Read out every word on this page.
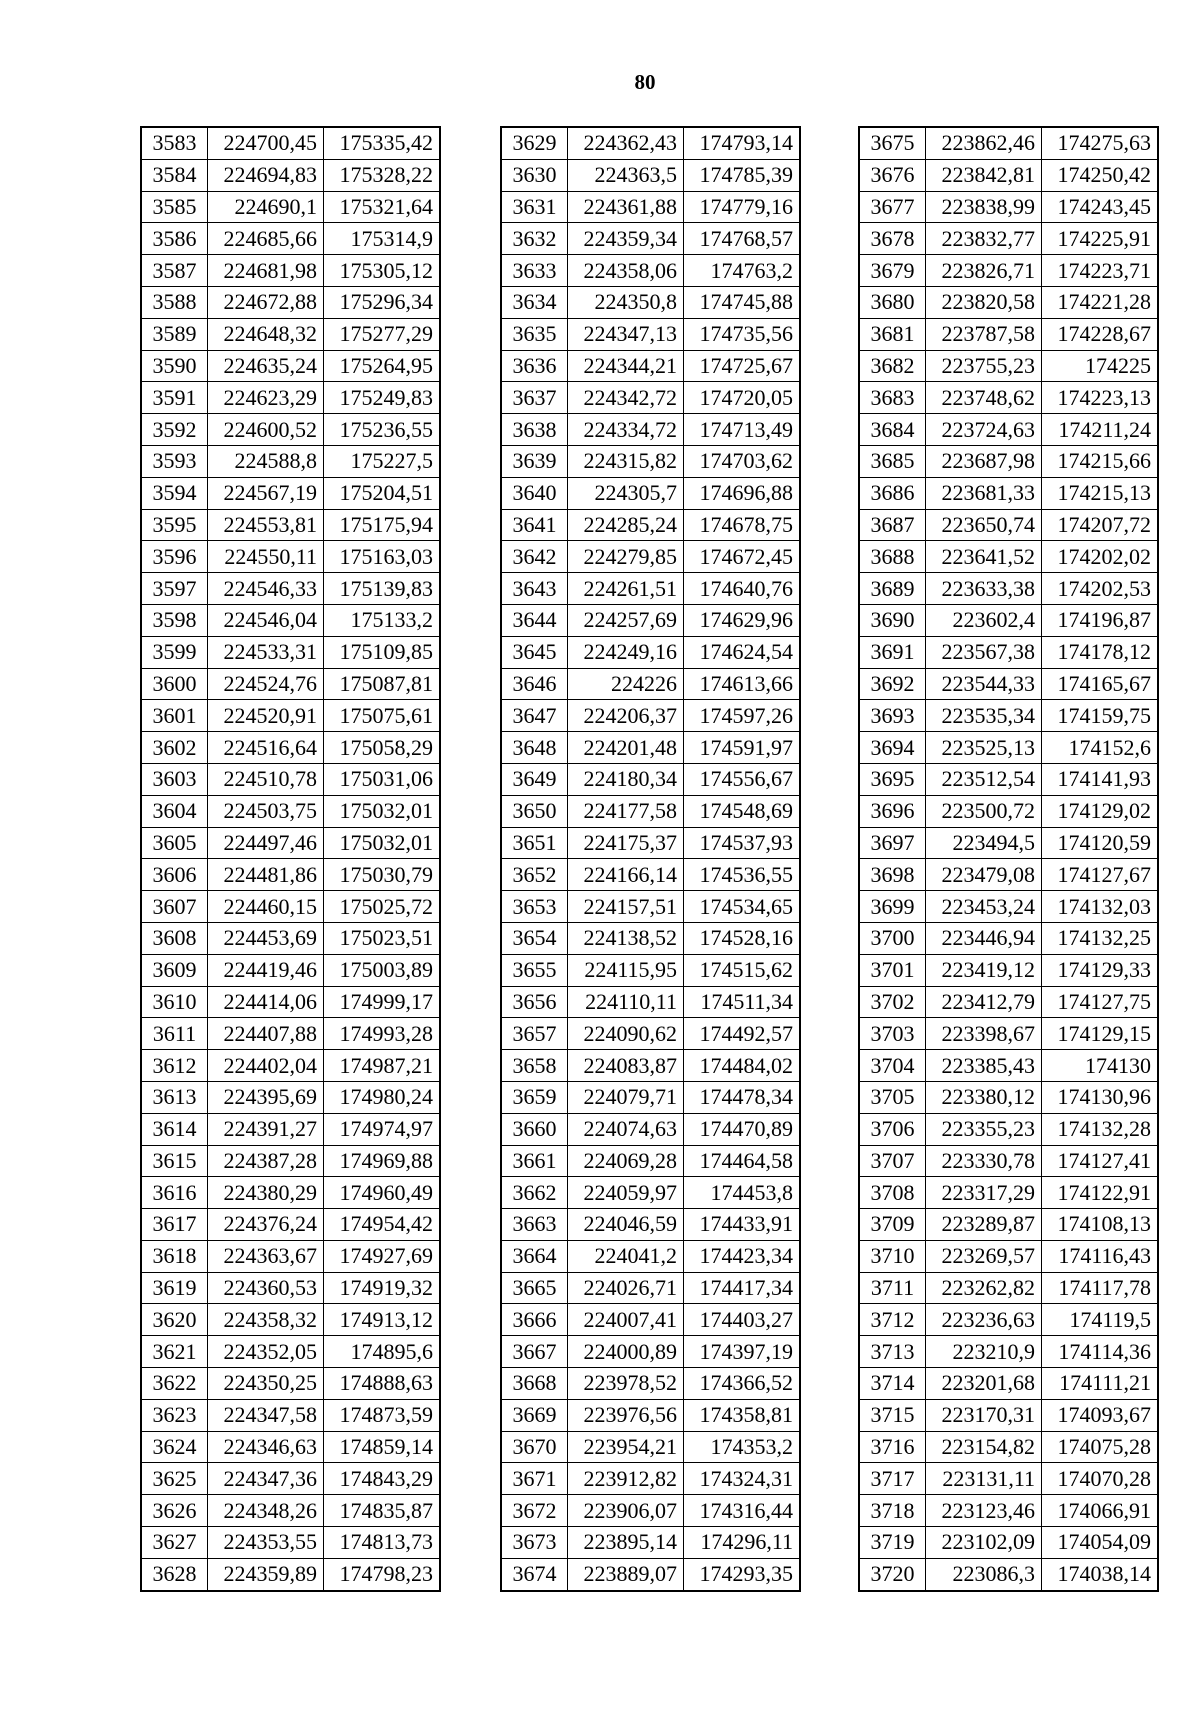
80
3583	224700,45	175335,42
3584	224694,83	175328,22
3585	224690,1	175321,64
3586	224685,66	175314,9
3587	224681,98	175305,12
3588	224672,88	175296,34
3589	224648,32	175277,29
3590	224635,24	175264,95
3591	224623,29	175249,83
3592	224600,52	175236,55
3593	224588,8	175227,5
3594	224567,19	175204,51
3595	224553,81	175175,94
3596	224550,11	175163,03
3597	224546,33	175139,83
3598	224546,04	175133,2
3599	224533,31	175109,85
3600	224524,76	175087,81
3601	224520,91	175075,61
3602	224516,64	175058,29
3603	224510,78	175031,06
3604	224503,75	175032,01
3605	224497,46	175032,01
3606	224481,86	175030,79
3607	224460,15	175025,72
3608	224453,69	175023,51
3609	224419,46	175003,89
3610	224414,06	174999,17
3611	224407,88	174993,28
3612	224402,04	174987,21
3613	224395,69	174980,24
3614	224391,27	174974,97
3615	224387,28	174969,88
3616	224380,29	174960,49
3617	224376,24	174954,42
3618	224363,67	174927,69
3619	224360,53	174919,32
3620	224358,32	174913,12
3621	224352,05	174895,6
3622	224350,25	174888,63
3623	224347,58	174873,59
3624	224346,63	174859,14
3625	224347,36	174843,29
3626	224348,26	174835,87
3627	224353,55	174813,73
3628	224359,89	174798,23
3629	224362,43	174793,14
3630	224363,5	174785,39
3631	224361,88	174779,16
3632	224359,34	174768,57
3633	224358,06	174763,2
3634	224350,8	174745,88
3635	224347,13	174735,56
3636	224344,21	174725,67
3637	224342,72	174720,05
3638	224334,72	174713,49
3639	224315,82	174703,62
3640	224305,7	174696,88
3641	224285,24	174678,75
3642	224279,85	174672,45
3643	224261,51	174640,76
3644	224257,69	174629,96
3645	224249,16	174624,54
3646	224226	174613,66
3647	224206,37	174597,26
3648	224201,48	174591,97
3649	224180,34	174556,67
3650	224177,58	174548,69
3651	224175,37	174537,93
3652	224166,14	174536,55
3653	224157,51	174534,65
3654	224138,52	174528,16
3655	224115,95	174515,62
3656	224110,11	174511,34
3657	224090,62	174492,57
3658	224083,87	174484,02
3659	224079,71	174478,34
3660	224074,63	174470,89
3661	224069,28	174464,58
3662	224059,97	174453,8
3663	224046,59	174433,91
3664	224041,2	174423,34
3665	224026,71	174417,34
3666	224007,41	174403,27
3667	224000,89	174397,19
3668	223978,52	174366,52
3669	223976,56	174358,81
3670	223954,21	174353,2
3671	223912,82	174324,31
3672	223906,07	174316,44
3673	223895,14	174296,11
3674	223889,07	174293,35
3675	223862,46	174275,63
3676	223842,81	174250,42
3677	223838,99	174243,45
3678	223832,77	174225,91
3679	223826,71	174223,71
3680	223820,58	174221,28
3681	223787,58	174228,67
3682	223755,23	174225
3683	223748,62	174223,13
3684	223724,63	174211,24
3685	223687,98	174215,66
3686	223681,33	174215,13
3687	223650,74	174207,72
3688	223641,52	174202,02
3689	223633,38	174202,53
3690	223602,4	174196,87
3691	223567,38	174178,12
3692	223544,33	174165,67
3693	223535,34	174159,75
3694	223525,13	174152,6
3695	223512,54	174141,93
3696	223500,72	174129,02
3697	223494,5	174120,59
3698	223479,08	174127,67
3699	223453,24	174132,03
3700	223446,94	174132,25
3701	223419,12	174129,33
3702	223412,79	174127,75
3703	223398,67	174129,15
3704	223385,43	174130
3705	223380,12	174130,96
3706	223355,23	174132,28
3707	223330,78	174127,41
3708	223317,29	174122,91
3709	223289,87	174108,13
3710	223269,57	174116,43
3711	223262,82	174117,78
3712	223236,63	174119,5
3713	223210,9	174114,36
3714	223201,68	174111,21
3715	223170,31	174093,67
3716	223154,82	174075,28
3717	223131,11	174070,28
3718	223123,46	174066,91
3719	223102,09	174054,09
3720	223086,3	174038,14
